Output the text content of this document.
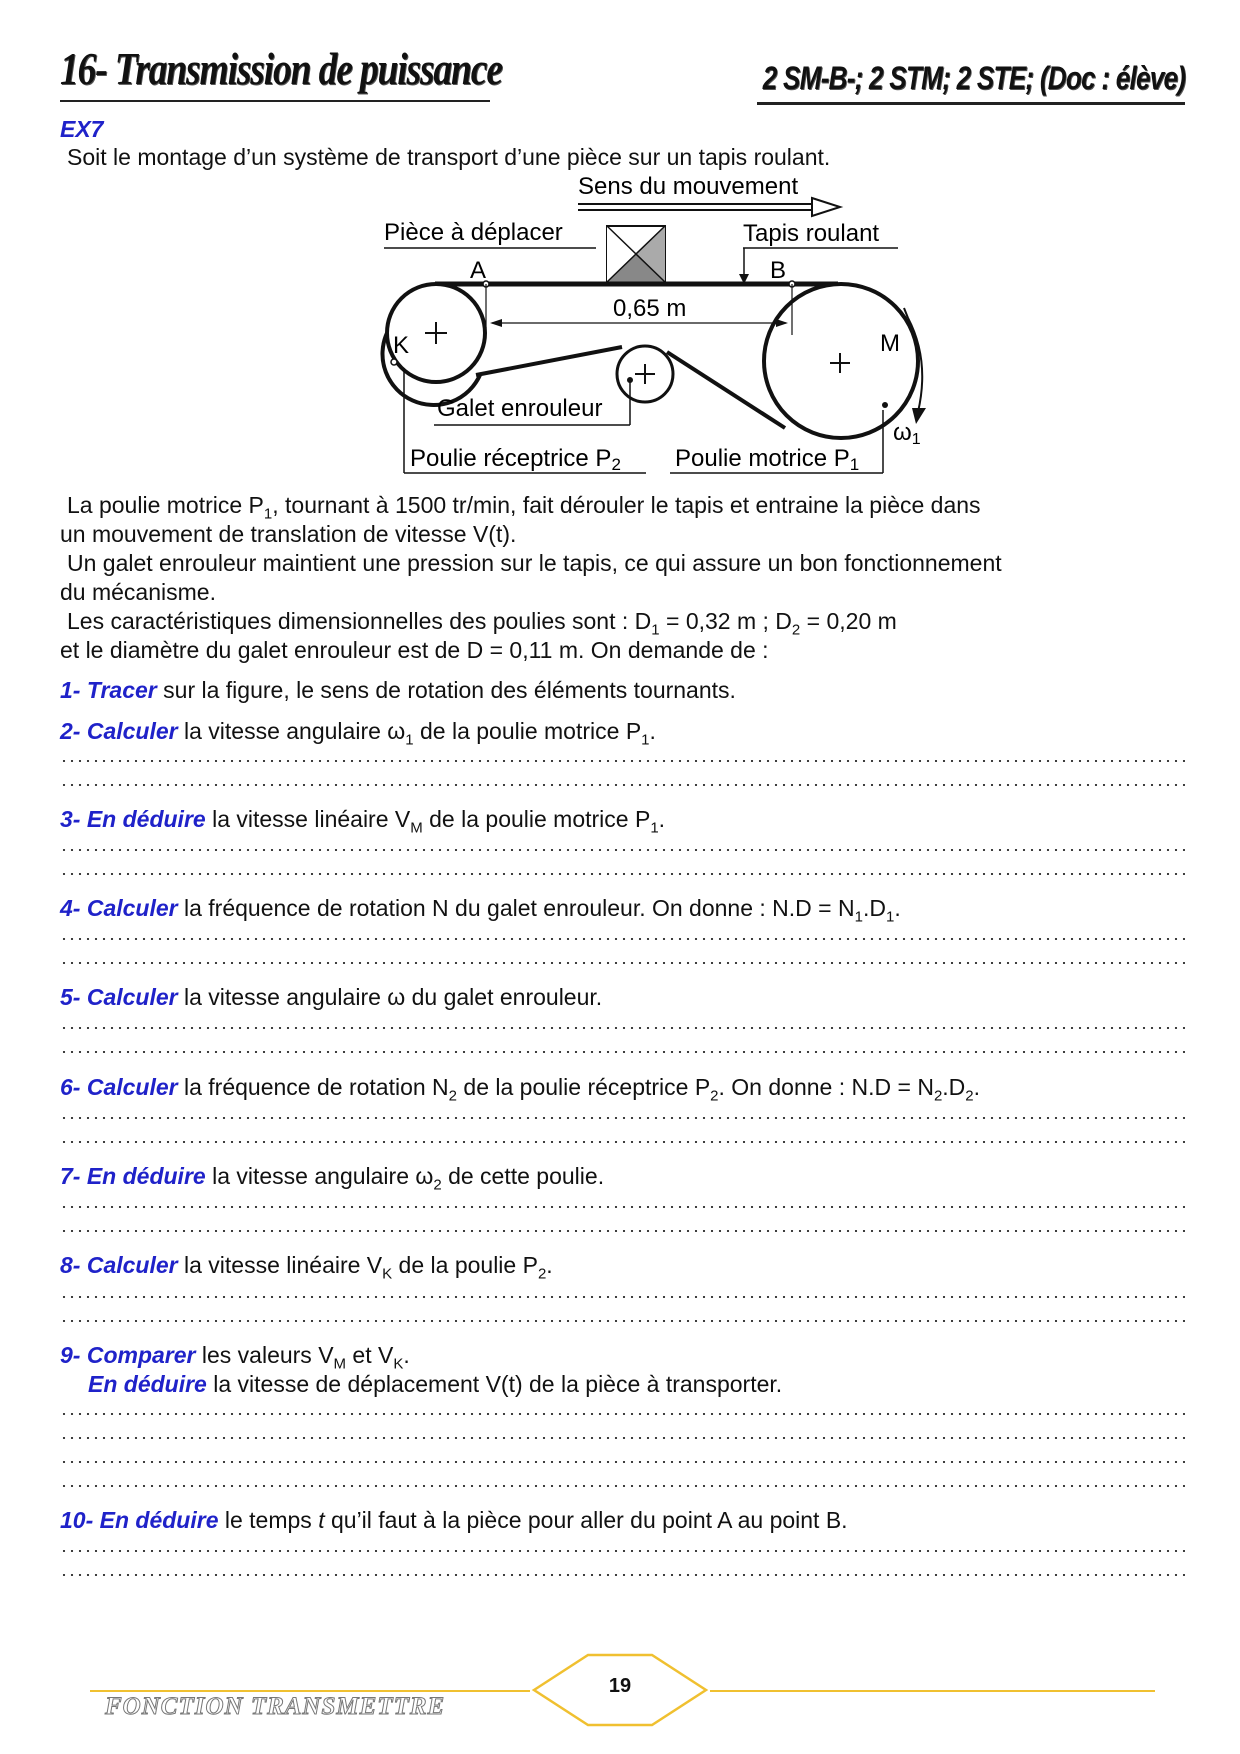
16- Transmission de puissance	2 SM-B-; 2 STM; 2 STE; (Doc : élève)
EX7
Soit le montage d’un système de transport d’une pièce sur un tapis roulant.
Sens du mouvement
Pièce à déplacer	Tapis roulant
A	B
0,65 m
K	M
ω1
Galet enrouleur
Poulie réceptrice P2 Poulie motrice P1
La poulie motrice $P_1$, tournant à 1500 tr/min, fait dérouler le tapis et entraine la pièce dans
un mouvement de translation de vitesse V(t).
Un galet enrouleur maintient une pression sur le tapis, ce qui assure un bon fonctionnement
du mécanisme.
Les caractéristiques dimensionnelles des poulies sont : $D_1 = 0,32$ m ; $D_2 = 0,20$ m
et le diamètre du galet enrouleur est de D = 0,11 m. On demande de :
1- Tracer sur la figure, le sens de rotation des éléments tournants.
2- Calculer la vitesse angulaire $\omega_1$ de la poulie motrice $P_1$.
3- En déduire la vitesse linéaire $V_M$ de la poulie motrice $P_1$.
4- Calculer la fréquence de rotation N du galet enrouleur. On donne : $N.D = N_1.D_1$.
5- Calculer la vitesse angulaire ω du galet enrouleur.
6- Calculer la fréquence de rotation $N_2$ de la poulie réceptrice $P_2$. On donne : $N.D = N_2.D_2$.
7- En déduire la vitesse angulaire $\omega_2$ de cette poulie.
8- Calculer la vitesse linéaire $V_K$ de la poulie $P_2$.
9- Comparer les valeurs $V_M$ et $V_K$.
En déduire la vitesse de déplacement V(t) de la pièce à transporter.
10- En déduire le temps t qu’il faut à la pièce pour aller du point A au point B.
19
FONCTION TRANSMETTRE
